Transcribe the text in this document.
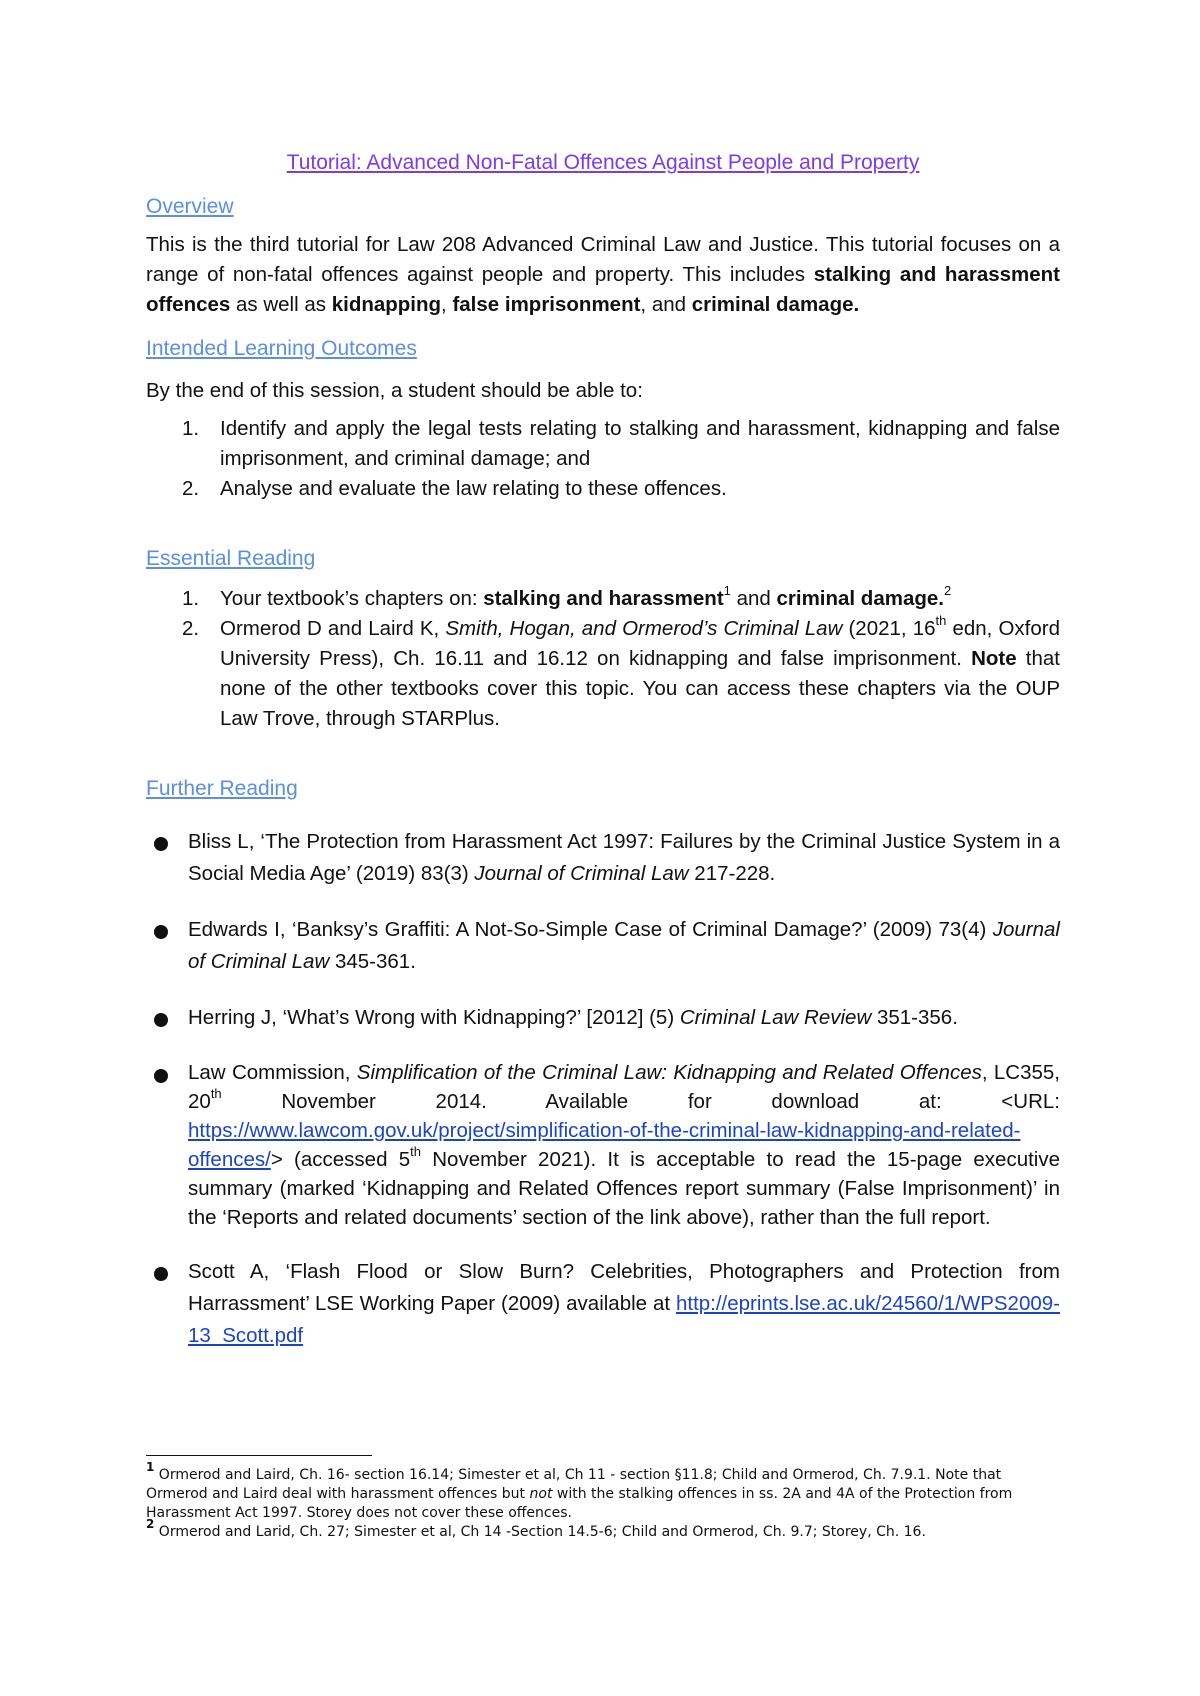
Tutorial: Advanced Non-Fatal Offences Against People and Property

Overview

This is the third tutorial for Law 208 Advanced Criminal Law and Justice. This tutorial focuses on a range of non-fatal offences against people and property. This includes stalking and harassment offences as well as kidnapping, false imprisonment, and criminal damage.

Intended Learning Outcomes

By the end of this session, a student should be able to:

1. Identify and apply the legal tests relating to stalking and harassment, kidnapping and false imprisonment, and criminal damage; and
2. Analyse and evaluate the law relating to these offences.
Essential Reading
1. Your textbook’s chapters on: stalking and harassment$^1$ and criminal damage.$^2$
2. Ormerod D and Laird K, Smith, Hogan, and Ormerod’s Criminal Law (2021, 16th edn, Oxford University Press), Ch. 16.11 and 16.12 on kidnapping and false imprisonment. Note that none of the other textbooks cover this topic. You can access these chapters via the OUP Law Trove, through STARPlus.
Further Reading
Bliss L, ‘The Protection from Harassment Act 1997: Failures by the Criminal Justice System in a Social Media Age’ (2019) 83(3) Journal of Criminal Law 217-228.
Edwards I, ‘Banksy’s Graffiti: A Not-So-Simple Case of Criminal Damage?’ (2009) 73(4) Journal of Criminal Law 345-361.
Herring J, ‘What’s Wrong with Kidnapping?’ [2012] (5) Criminal Law Review 351-356.
Law Commission, Simplification of the Criminal Law: Kidnapping and Related Offences, LC355, 20th November 2014. Available for download at: <URL: https://www.lawcom.gov.uk/project/simplification-of-the-criminal-law-kidnapping-and-related-offences/> (accessed 5th November 2021). It is acceptable to read the 15-page executive summary (marked ‘Kidnapping and Related Offences report summary (False Imprisonment)’ in the ‘Reports and related documents’ section of the link above), rather than the full report.
Scott A, ‘Flash Flood or Slow Burn? Celebrities, Photographers and Protection from Harrassment’ LSE Working Paper (2009) available at http://eprints.lse.ac.uk/24560/1/WPS2009-13_Scott.pdf

$^1$ Ormerod and Laird, Ch. 16- section 16.14; Simester et al, Ch 11 - section §11.8; Child and Ormerod, Ch. 7.9.1. Note that Ormerod and Laird deal with harassment offences but not with the stalking offences in ss. 2A and 4A of the Protection from Harassment Act 1997. Storey does not cover these offences.

$^2$ Ormerod and Larid, Ch. 27; Simester et al, Ch 14 -Section 14.5-6; Child and Ormerod, Ch. 9.7; Storey, Ch. 16.
